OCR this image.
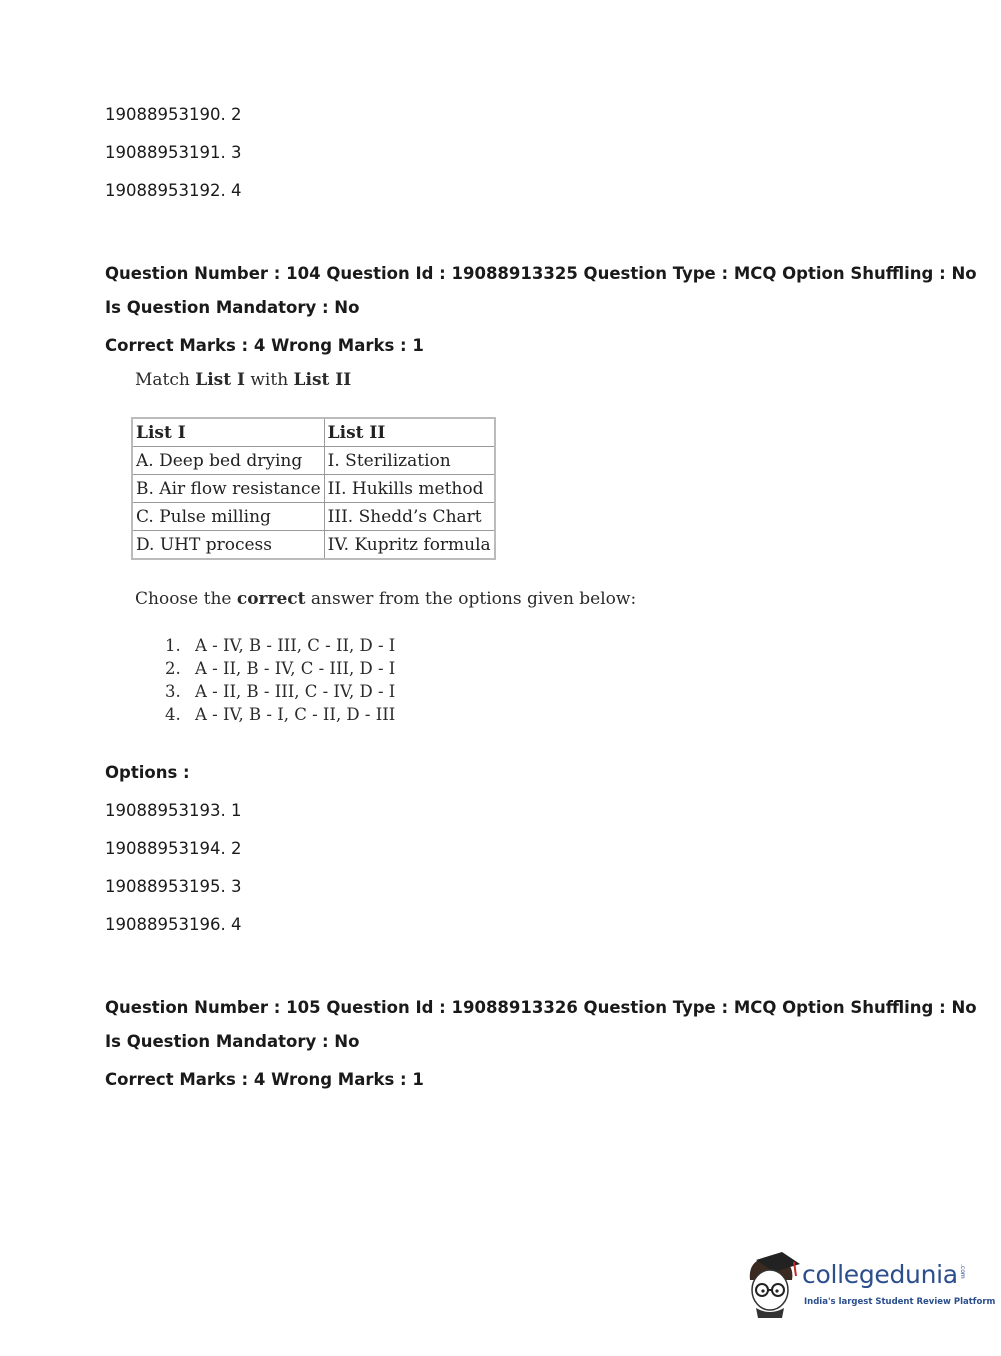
19088953190. 2
19088953191. 3
19088953192. 4
Question Number : 104 Question Id : 19088913325 Question Type : MCQ Option Shuffling : No
Is Question Mandatory : No
Correct Marks : 4 Wrong Marks : 1
Match List I with List II
List I	List II
A. Deep bed drying	I. Sterilization
B. Air flow resistance	II. Hukills method
C. Pulse milling	III. Shedd’s Chart
D. UHT process	IV. Kupritz formula
Choose the correct answer from the options given below:
1. A - IV, B - III, C - II, D - I
2. A - II, B - IV, C - III, D - I
3. A - II, B - III, C - IV, D - I
4. A - IV, B - I, C - II, D - III
Options :
19088953193. 1
19088953194. 2
19088953195. 3
19088953196. 4
Question Number : 105 Question Id : 19088913326 Question Type : MCQ Option Shuffling : No
Is Question Mandatory : No
Correct Marks : 4 Wrong Marks : 1
collegedunia .com
India's largest Student Review Platform
